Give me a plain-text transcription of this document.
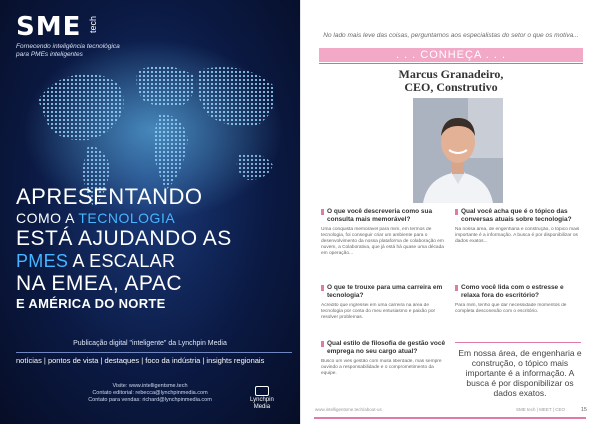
SME tech
Fornecendo inteligência tecnológica para PMEs inteligentes
APRESENTANDO
COMO A TECNOLOGIA
ESTÁ AJUDANDO AS
PMES A ESCALAR
NA EMEA, APAC
E AMÉRICA DO NORTE
Publicação digital "inteligente" da Lynchpin Media
notícias | pontos de vista | destaques | foco da indústria | insights regionais
Visite: www.intelligentsme.tech
Contato editorial: rebecca@lynchpinmedia.com
Contato para vendas: richard@lynchpinmedia.com	Lynchpin
Media
No lado mais leve das coisas, perguntamos aos especialistas do setor o que os motiva...
. . . CONHEÇA . . .
Marcus Granadeiro,
CEO, Construtivo
O que você descreveria como sua consulta mais memorável?
Uma conquista memorável para mim, em termos de tecnologia, foi conseguir criar um ambiente para o desenvolvimento da nossa plataforma de colaboração em nuvem, a Colaborativa, que já está há quase uma década em operação...
O que te trouxe para uma carreira em tecnologia?
Acredito que ingressei em uma carreira na área de tecnologia por conta do meu entusiasmo e paixão por resolver problemas.
Qual estilo de filosofia de gestão você emprega no seu cargo atual?
Busco um viés gestão com muita liberdade, mas sempre ouvindo a responsabilidade e o comprometimento da equipe.
Qual você acha que é o tópico das conversas atuais sobre tecnologia?
Na nossa área, de engenharia e construção, o tópico mais importante é a informação. A busca é por disponibilizar os dados exatos...
Como você lida com o estresse e relaxa fora do escritório?
Para mim, tenho que dar necessidade momentos de completa desconexão com o escritório.
Em nossa área, de engenharia e construção, o tópico mais importante é a informação. A busca é por disponibilizar os dados exatos.
www.intelligentsme.tech/about-us	SME tech | MEET | CEO	15
